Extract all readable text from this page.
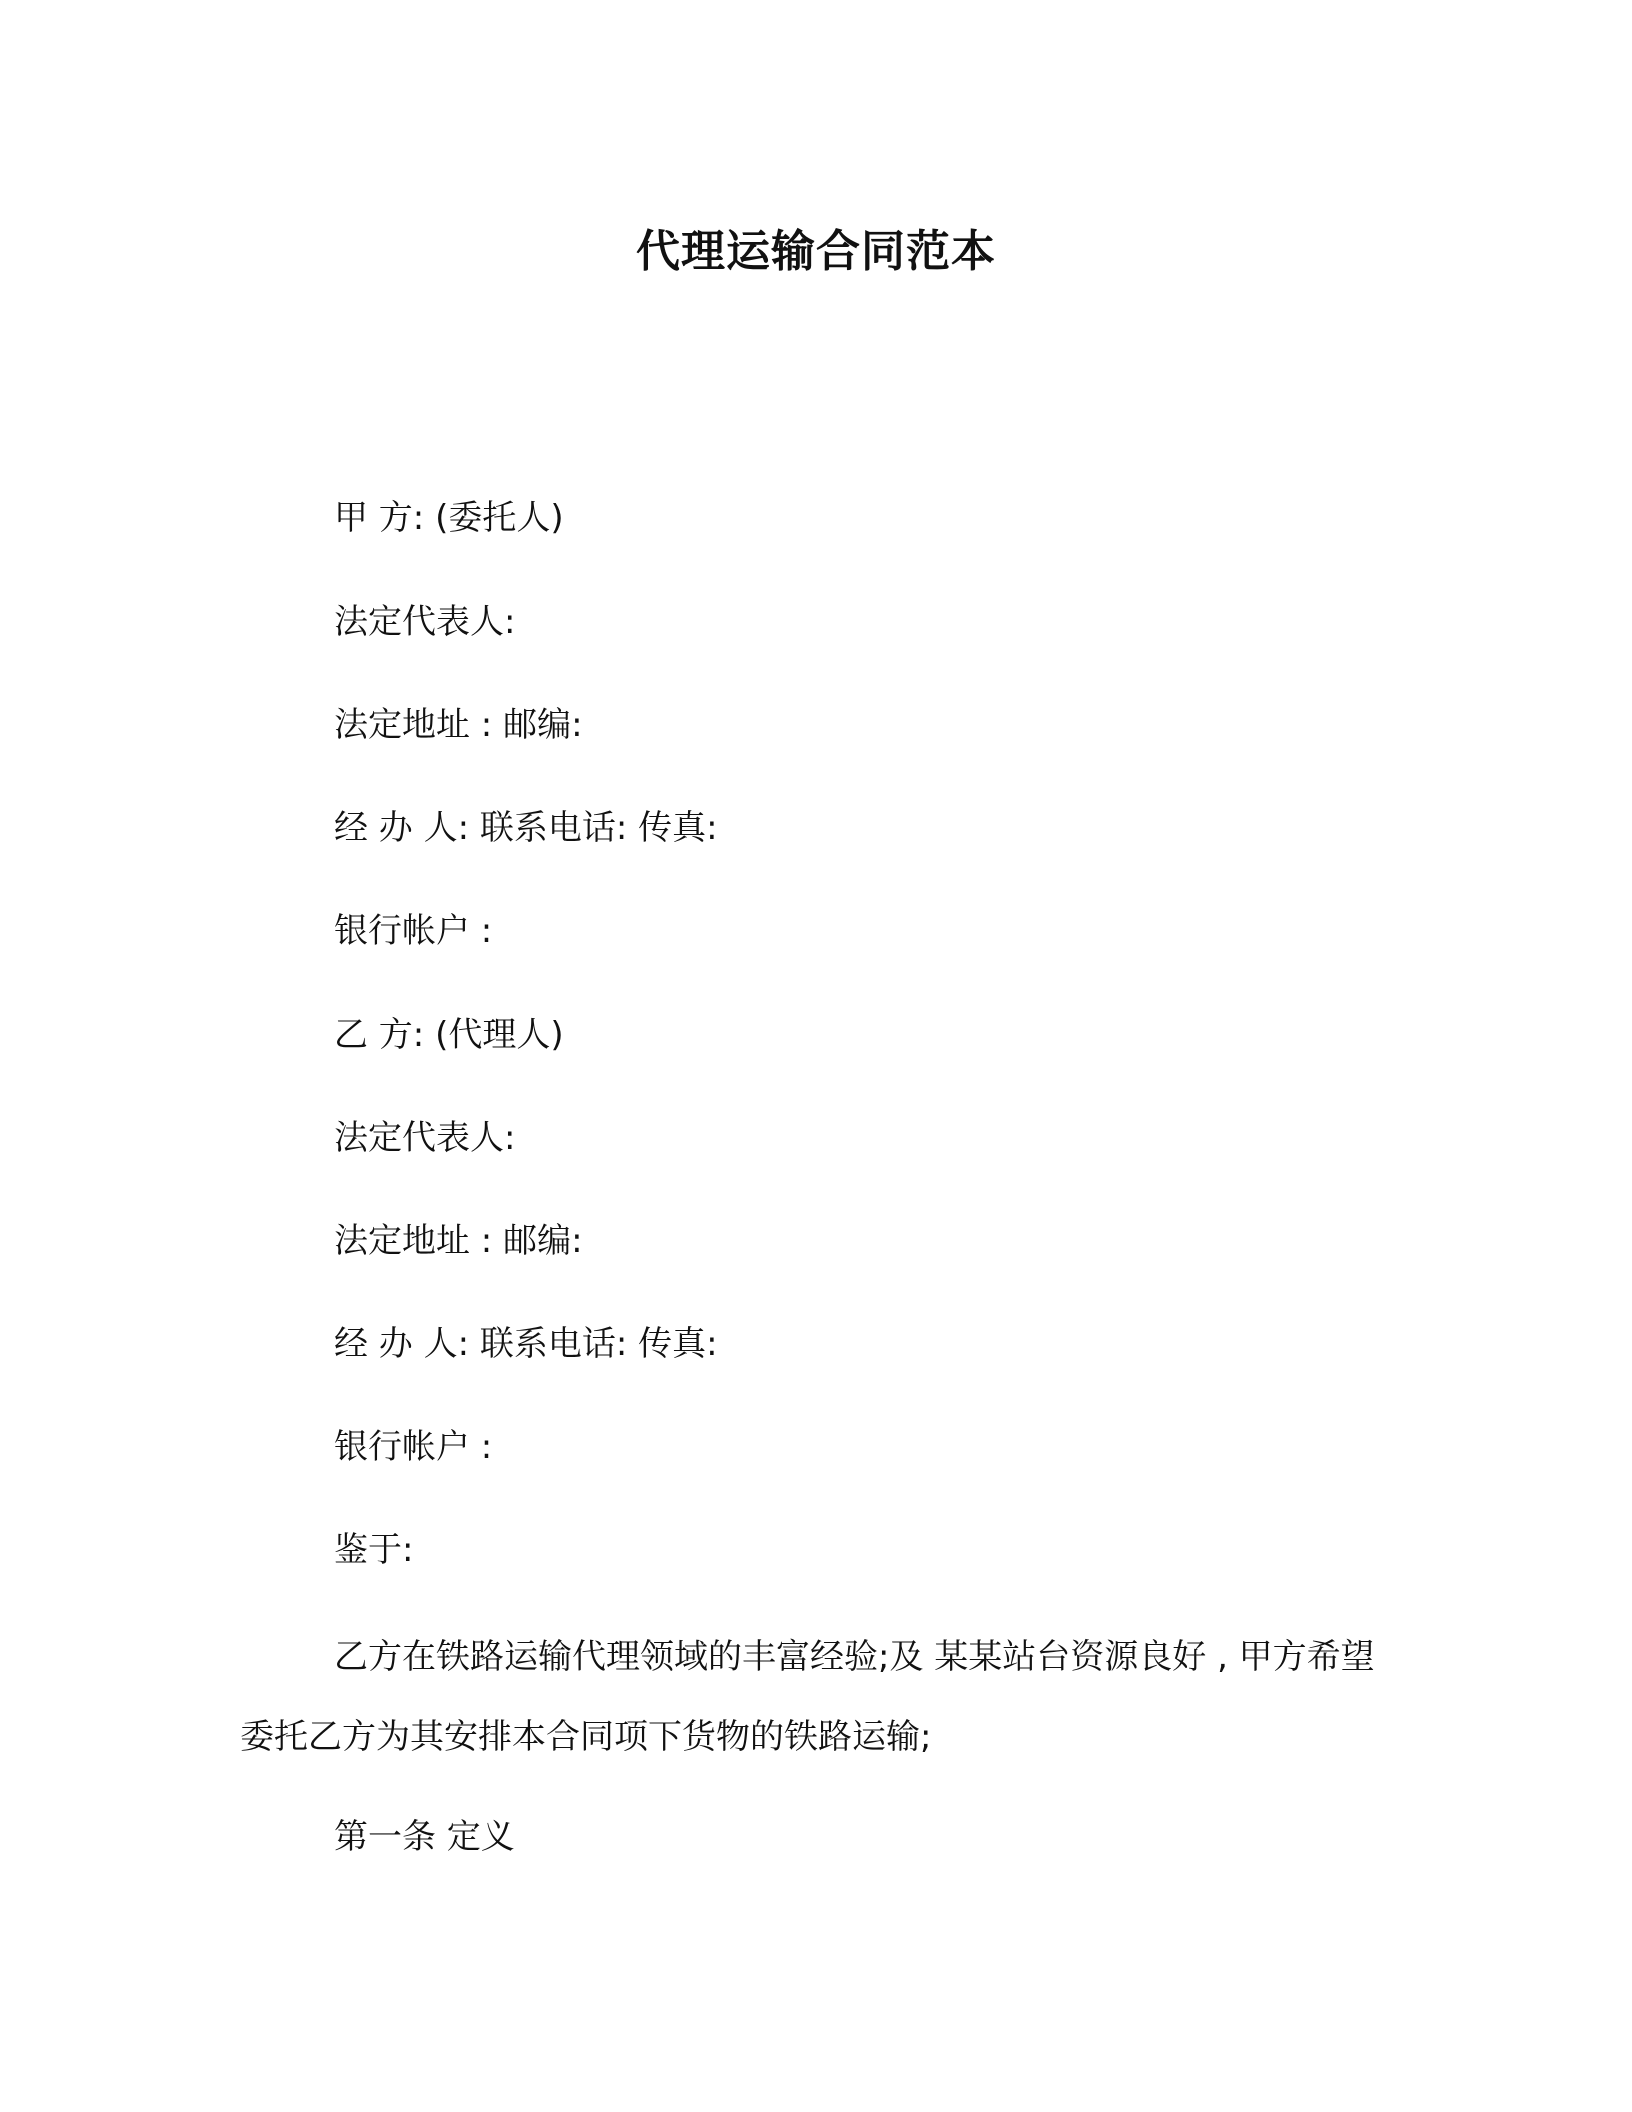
代理运输合同范本
甲 方: (委托人)
法定代表人:
法定地址 : 邮编:
经 办 人: 联系电话: 传真:
银行帐户 :
乙 方: (代理人)
法定代表人:
法定地址 : 邮编:
经 办 人: 联系电话: 传真:
银行帐户 :
鉴于:
乙方在铁路运输代理领域的丰富经验;及 某某站台资源良好 , 甲方希望委托乙方为其安排本合同项下货物的铁路运输;
第一条 定义
